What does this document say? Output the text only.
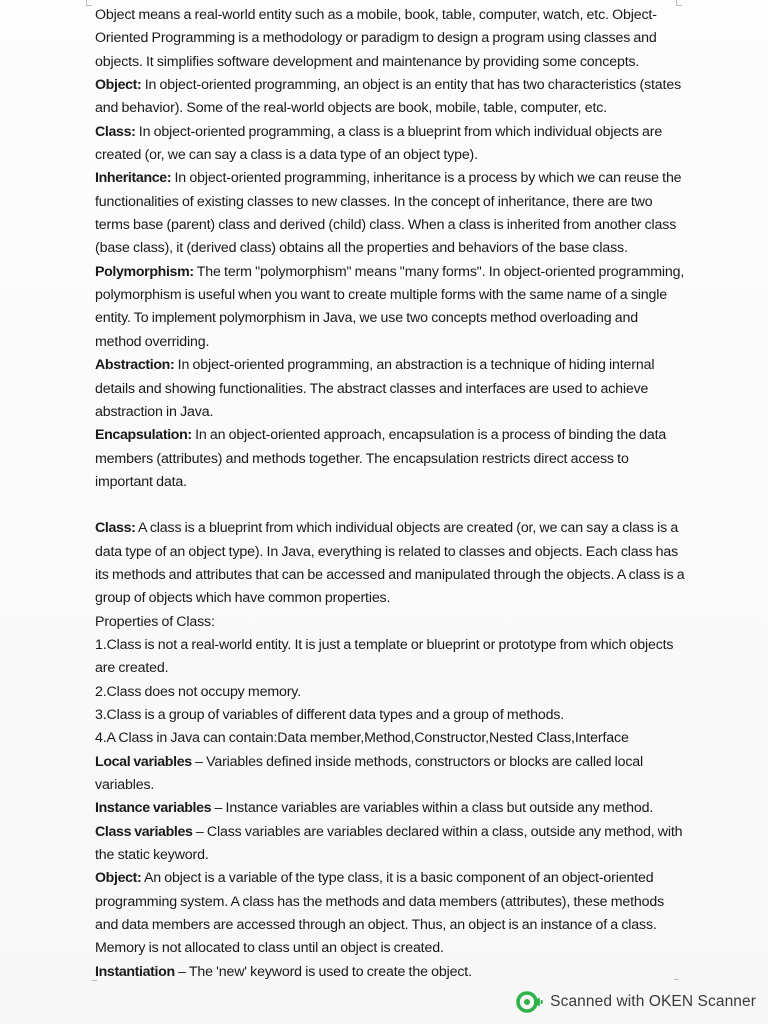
Object means a real-world entity such as a mobile, book, table, computer, watch, etc. Object-Oriented Programming is a methodology or paradigm to design a program using classes and objects. It simplifies software development and maintenance by providing some concepts.

Object: In object-oriented programming, an object is an entity that has two characteristics (states and behavior). Some of the real-world objects are book, mobile, table, computer, etc.

Class: In object-oriented programming, a class is a blueprint from which individual objects are created (or, we can say a class is a data type of an object type).

Inheritance: In object-oriented programming, inheritance is a process by which we can reuse the functionalities of existing classes to new classes. In the concept of inheritance, there are two terms base (parent) class and derived (child) class. When a class is inherited from another class (base class), it (derived class) obtains all the properties and behaviors of the base class.

Polymorphism: The term "polymorphism" means "many forms". In object-oriented programming, polymorphism is useful when you want to create multiple forms with the same name of a single entity. To implement polymorphism in Java, we use two concepts method overloading and method overriding.

Abstraction: In object-oriented programming, an abstraction is a technique of hiding internal details and showing functionalities. The abstract classes and interfaces are used to achieve abstraction in Java.

Encapsulation: In an object-oriented approach, encapsulation is a process of binding the data members (attributes) and methods together. The encapsulation restricts direct access to important data.

Class: A class is a blueprint from which individual objects are created (or, we can say a class is a data type of an object type). In Java, everything is related to classes and objects. Each class has its methods and attributes that can be accessed and manipulated through the objects. A class is a group of objects which have common properties.

Properties of Class:

1.Class is not a real-world entity. It is just a template or blueprint or prototype from which objects are created.

2.Class does not occupy memory.

3.Class is a group of variables of different data types and a group of methods.

4.A Class in Java can contain:Data member,Method,Constructor,Nested Class,Interface

Local variables – Variables defined inside methods, constructors or blocks are called local variables.

Instance variables – Instance variables are variables within a class but outside any method.

Class variables – Class variables are variables declared within a class, outside any method, with the static keyword.

Object: An object is a variable of the type class, it is a basic component of an object-oriented programming system. A class has the methods and data members (attributes), these methods and data members are accessed through an object. Thus, an object is an instance of a class. Memory is not allocated to class until an object is created.

Instantiation – The 'new' keyword is used to create the object.

Scanned with OKEN Scanner
